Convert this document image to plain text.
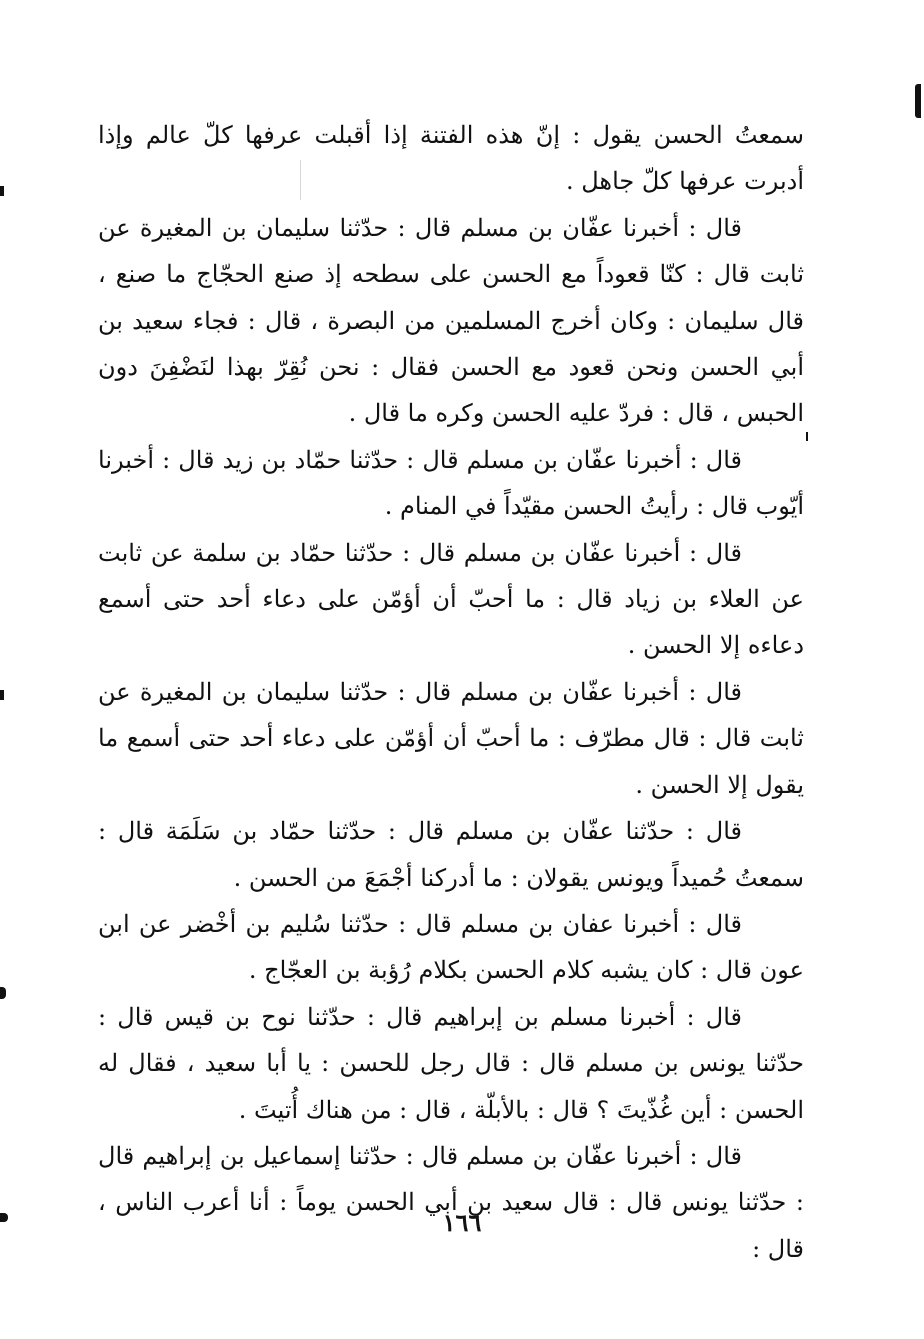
سمعتُ الحسن يقول : إنّ هذه الفتنة إذا أقبلت عرفها كلّ عالم وإذا أدبرت عرفها كلّ جاهل .

قال : أخبرنا عفّان بن مسلم قال : حدّثنا سليمان بن المغيرة عن ثابت قال : كنّا قعوداً مع الحسن على سطحه إذ صنع الحجّاج ما صنع ، قال سليمان : وكان أخرج المسلمين من البصرة ، قال : فجاء سعيد بن أبي الحسن ونحن قعود مع الحسن فقال : نحن نُقِرّ بهذا لنَضْفِنَ دون الحبس ، قال : فردّ عليه الحسن وكره ما قال .

قال : أخبرنا عفّان بن مسلم قال : حدّثنا حمّاد بن زيد قال : أخبرنا أيّوب قال : رأيتُ الحسن مقيّداً في المنام .

قال : أخبرنا عفّان بن مسلم قال : حدّثنا حمّاد بن سلمة عن ثابت عن العلاء بن زياد قال : ما أحبّ أن أؤمّن على دعاء أحد حتى أسمع دعاءه إلا الحسن .

قال : أخبرنا عفّان بن مسلم قال : حدّثنا سليمان بن المغيرة عن ثابت قال : قال مطرّف : ما أحبّ أن أؤمّن على دعاء أحد حتى أسمع ما يقول إلا الحسن .

قال : حدّثنا عفّان بن مسلم قال : حدّثنا حمّاد بن سَلَمَة قال : سمعتُ حُميداً ويونس يقولان : ما أدركنا أجْمَعَ من الحسن .

قال : أخبرنا عفان بن مسلم قال : حدّثنا سُليم بن أخْضر عن ابن عون قال : كان يشبه كلام الحسن بكلام رُؤبة بن العجّاج .

قال : أخبرنا مسلم بن إبراهيم قال : حدّثنا نوح بن قيس قال : حدّثنا يونس بن مسلم قال : قال رجل للحسن : يا أبا سعيد ، فقال له الحسن : أين غُذّيتَ ؟ قال : بالأبلّة ، قال : من هناك أُتيتَ .

قال : أخبرنا عفّان بن مسلم قال : حدّثنا إسماعيل بن إبراهيم قال : حدّثنا يونس قال : قال سعيد بن أبي الحسن يوماً : أنا أعرب الناس ، قال :

١٦٦
